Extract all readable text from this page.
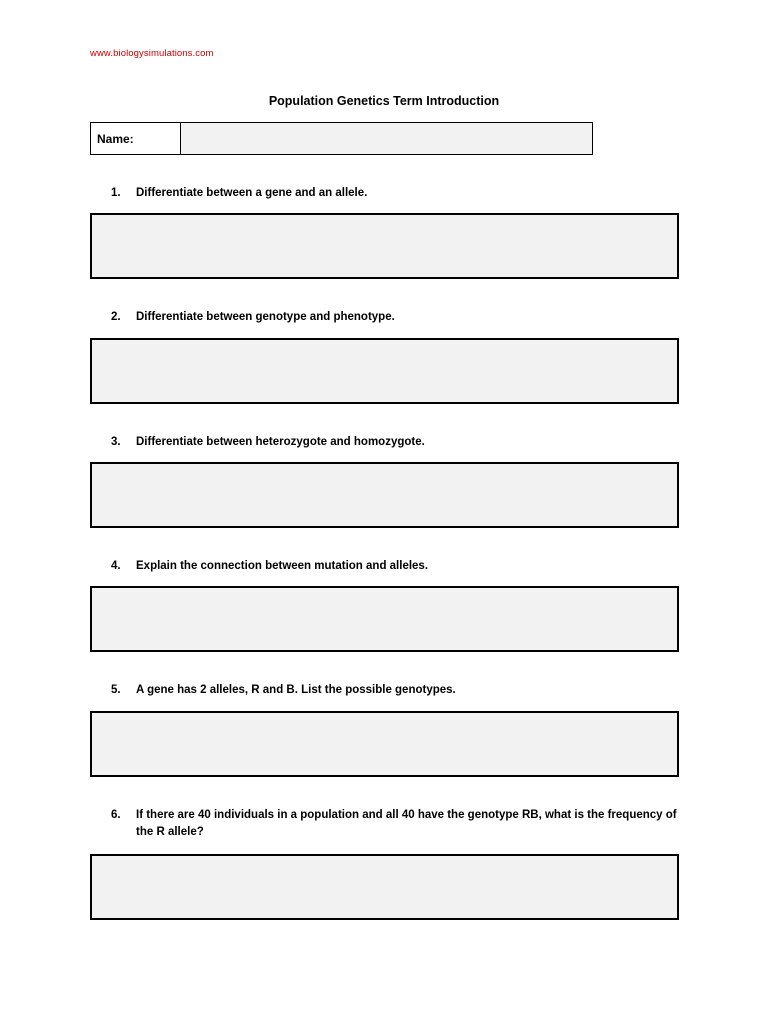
www.biologysimulations.com
Population Genetics Term Introduction
Name:
1.	Differentiate between a gene and an allele.
2.	Differentiate between genotype and phenotype.
3.	Differentiate between heterozygote and homozygote.
4.	Explain the connection between mutation and alleles.
5.	A gene has 2 alleles, R and B. List the possible genotypes.
6.	If there are 40 individuals in a population and all 40 have the genotype RB, what is the frequency of the R allele?
